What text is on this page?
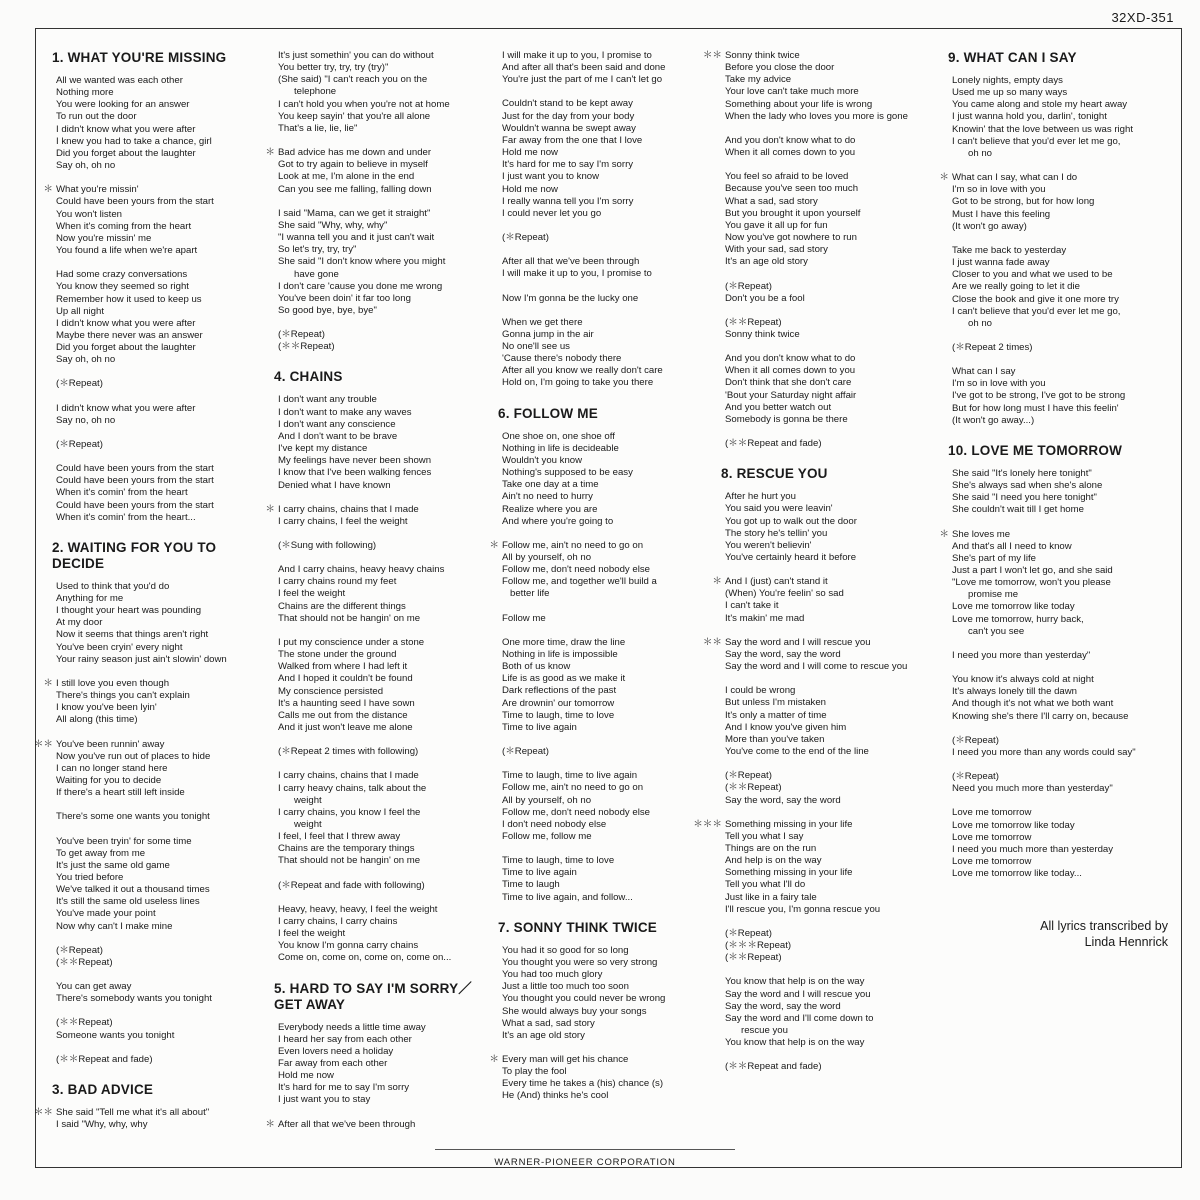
32XD-351
1. WHAT YOU'RE MISSING
All we wanted was each other
Nothing more
You were looking for an answer
To run out the door
I didn't know what you were after
I knew you had to take a chance, girl
Did you forget about the laughter
Say oh, oh no
＊ What you're missin'
Could have been yours from the start
You won't listen
When it's coming from the heart
Now you're missin' me
You found a life when we're apart
Had some crazy conversations
You know they seemed so right
Remember how it used to keep us
Up all night
I didn't know what you were after
Maybe there never was an answer
Did you forget about the laughter
Say oh, oh no
(＊Repeat)
I didn't know what you were after
Say no, oh no
(＊Repeat)
Could have been yours from the start
Could have been yours from the start
When it's comin' from the heart
Could have been yours from the start
When it's comin' from the heart...
2. WAITING FOR YOU TO DECIDE
Used to think that you'd do
Anything for me
I thought your heart was pounding
At my door
Now it seems that things aren't right
You've been cryin' every night
Your rainy season just ain't slowin' down
＊ I still love you even though
There's things you can't explain
I know you've been lyin'
All along (this time)
＊＊ You've been runnin' away
Now you've run out of places to hide
I can no longer stand here
Waiting for you to decide
If there's a heart still left inside
There's some one wants you tonight
You've been tryin' for some time
To get away from me
It's just the same old game
You tried before
We've talked it out a thousand times
It's still the same old useless lines
You've made your point
Now why can't I make mine
(＊Repeat)
(＊＊Repeat)
You can get away
There's somebody wants you tonight
(＊＊Repeat)
Someone wants you tonight
(＊＊Repeat and fade)
3. BAD ADVICE
＊＊ She said "Tell me what it's all about"
I said "Why, why, why
It's just somethin' you can do without
You better try, try, try (try)"
(She said) "I can't reach you on the
telephone
I can't hold you when you're not at home
You keep sayin' that you're all alone
That's a lie, lie, lie"
＊ Bad advice has me down and under
Got to try again to believe in myself
Look at me, I'm alone in the end
Can you see me falling, falling down
I said "Mama, can we get it straight"
She said "Why, why, why"
"I wanna tell you and it just can't wait
So let's try, try, try"
She said "I don't know where you might
have gone
I don't care 'cause you done me wrong
You've been doin' it far too long
So good bye, bye, bye"
(＊Repeat)
(＊＊Repeat)
4. CHAINS
I don't want any trouble
I don't want to make any waves
I don't want any conscience
And I don't want to be brave
I've kept my distance
My feelings have never been shown
I know that I've been walking fences
Denied what I have known
＊ I carry chains, chains that I made
I carry chains, I feel the weight
(＊Sung with following)
And I carry chains, heavy heavy chains
I carry chains round my feet
I feel the weight
Chains are the different things
That should not be hangin' on me
I put my conscience under a stone
The stone under the ground
Walked from where I had left it
And I hoped it couldn't be found
My conscience persisted
It's a haunting seed I have sown
Calls me out from the distance
And it just won't leave me alone
(＊Repeat 2 times with following)
I carry chains, chains that I made
I carry heavy chains, talk about the
weight
I carry chains, you know I feel the
weight
I feel, I feel that I threw away
Chains are the temporary things
That should not be hangin' on me
(＊Repeat and fade with following)
Heavy, heavy, heavy, I feel the weight
I carry chains, I carry chains
I feel the weight
You know I'm gonna carry chains
Come on, come on, come on, come on...
5. HARD TO SAY I'M SORRY／
GET AWAY
Everybody needs a little time away
I heard her say from each other
Even lovers need a holiday
Far away from each other
Hold me now
It's hard for me to say I'm sorry
I just want you to stay
＊ After all that we've been through
I will make it up to you, I promise to
And after all that's been said and done
You're just the part of me I can't let go
Couldn't stand to be kept away
Just for the day from your body
Wouldn't wanna be swept away
Far away from the one that I love
Hold me now
It's hard for me to say I'm sorry
I just want you to know
Hold me now
I really wanna tell you I'm sorry
I could never let you go
(＊Repeat)
After all that we've been through
I will make it up to you, I promise to
Now I'm gonna be the lucky one
When we get there
Gonna jump in the air
No one'll see us
'Cause there's nobody there
After all you know we really don't care
Hold on, I'm going to take you there
6. FOLLOW ME
One shoe on, one shoe off
Nothing in life is decideable
Wouldn't you know
Nothing's supposed to be easy
Take one day at a time
Ain't no need to hurry
Realize where you are
And where you're going to
＊ Follow me, ain't no need to go on
All by yourself, oh no
Follow me, don't need nobody else
Follow me, and together we'll build a
better life
Follow me
One more time, draw the line
Nothing in life is impossible
Both of us know
Life is as good as we make it
Dark reflections of the past
Are drownin' our tomorrow
Time to laugh, time to love
Time to live again
(＊Repeat)
Time to laugh, time to live again
Follow me, ain't no need to go on
All by yourself, oh no
Follow me, don't need nobody else
I don't need nobody else
Follow me, follow me
Time to laugh, time to love
Time to live again
Time to laugh
Time to live again, and follow...
7. SONNY THINK TWICE
You had it so good for so long
You thought you were so very strong
You had too much glory
Just a little too much too soon
You thought you could never be wrong
She would always buy your songs
What a sad, sad story
It's an age old story
＊ Every man will get his chance
To play the fool
Every time he takes a (his) chance (s)
He (And) thinks he's cool
＊＊ Sonny think twice
Before you close the door
Take my advice
Your love can't take much more
Something about your life is wrong
When the lady who loves you more is gone
And you don't know what to do
When it all comes down to you
You feel so afraid to be loved
Because you've seen too much
What a sad, sad story
But you brought it upon yourself
You gave it all up for fun
Now you've got nowhere to run
With your sad, sad story
It's an age old story
(＊Repeat)
Don't you be a fool
(＊＊Repeat)
Sonny think twice
And you don't know what to do
When it all comes down to you
Don't think that she don't care
'Bout your Saturday night affair
And you better watch out
Somebody is gonna be there
(＊＊Repeat and fade)
8. RESCUE YOU
After he hurt you
You said you were leavin'
You got up to walk out the door
The story he's tellin' you
You weren't believin'
You've certainly heard it before
＊ And I (just) can't stand it
(When) You're feelin' so sad
I can't take it
It's makin' me mad
＊＊ Say the word and I will rescue you
Say the word, say the word
Say the word and I will come to rescue you
I could be wrong
But unless I'm mistaken
It's only a matter of time
And I know you've given him
More than you've taken
You've come to the end of the line
(＊Repeat)
(＊＊Repeat)
Say the word, say the word
＊＊＊ Something missing in your life
Tell you what I say
Things are on the run
And help is on the way
Something missing in your life
Tell you what I'll do
Just like in a fairy tale
I'll rescue you, I'm gonna rescue you
(＊Repeat)
(＊＊＊Repeat)
(＊＊Repeat)
You know that help is on the way
Say the word and I will rescue you
Say the word, say the word
Say the word and I'll come down to
rescue you
You know that help is on the way
(＊＊Repeat and fade)
9. WHAT CAN I SAY
Lonely nights, empty days
Used me up so many ways
You came along and stole my heart away
I just wanna hold you, darlin', tonight
Knowin' that the love between us was right
I can't believe that you'd ever let me go,
oh no
＊ What can I say, what can I do
I'm so in love with you
Got to be strong, but for how long
Must I have this feeling
(It won't go away)
Take me back to yesterday
I just wanna fade away
Closer to you and what we used to be
Are we really going to let it die
Close the book and give it one more try
I can't believe that you'd ever let me go,
oh no
(＊Repeat 2 times)
What can I say
I'm so in love with you
I've got to be strong, I've got to be strong
But for how long must I have this feelin'
(It won't go away...)
10. LOVE ME TOMORROW
She said "It's lonely here tonight"
She's always sad when she's alone
She said "I need you here tonight"
She couldn't wait till I get home
＊ She loves me
And that's all I need to know
She's part of my life
Just a part I won't let go, and she said
"Love me tomorrow, won't you please
promise me
Love me tomorrow like today
Love me tomorrow, hurry back,
can't you see
I need you more than yesterday"
You know it's always cold at night
It's always lonely till the dawn
And though it's not what we both want
Knowing she's there I'll carry on, because
(＊Repeat)
I need you more than any words could say"
(＊Repeat)
Need you much more than yesterday"
Love me tomorrow
Love me tomorrow like today
Love me tomorrow
I need you much more than yesterday
Love me tomorrow
Love me tomorrow like today...
All lyrics transcribed by
Linda Hennrick
WARNER-PIONEER CORPORATION
